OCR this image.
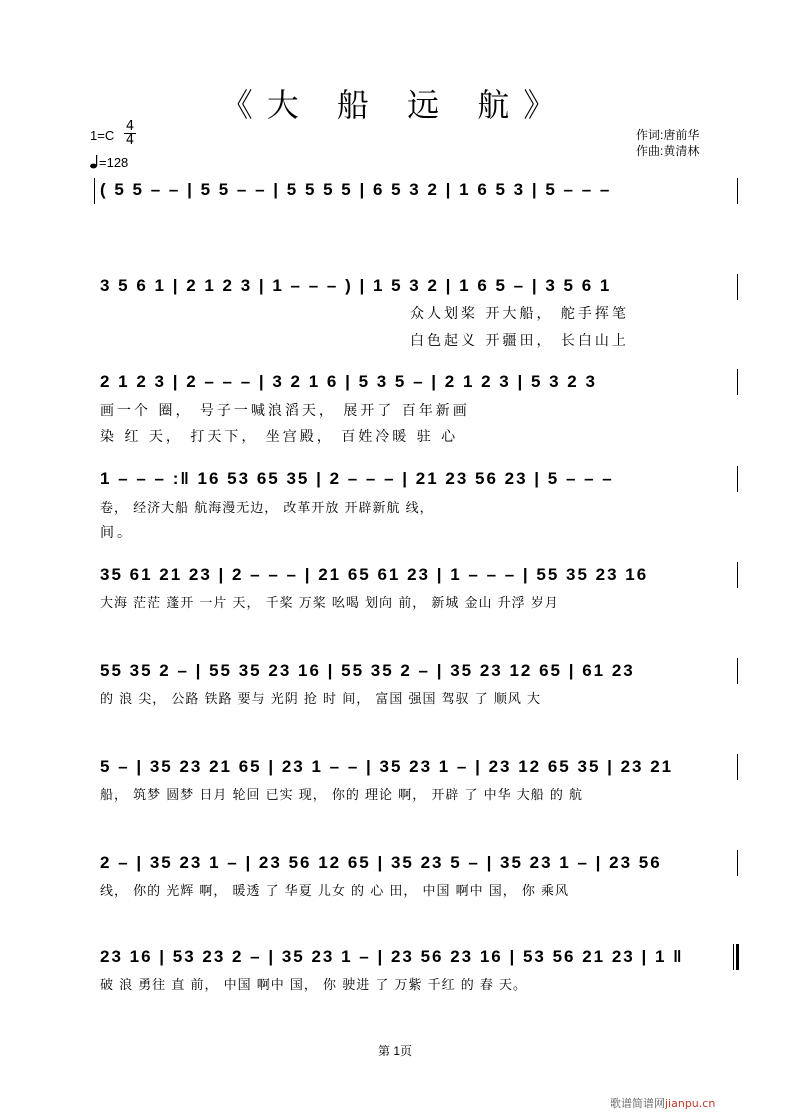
《大 船 远 航》
1=C
4
4
=128
作词:唐前华
作曲:黄清林
( 5 5 – – | 5 5 – – | 5 5 5 5 | 6 5 3 2 | 1 6 5 3 | 5 – – –
3 5 6 1 | 2 1 2 3 | 1 – – – ) | 1 5 3 2 | 1 6 5 – | 3 5 6 1
众人划桨 开大船， 舵手挥笔
白色起义 开疆田， 长白山上
2 1 2 3 | 2 – – – | 3 2 1 6 | 5 3 5 – | 2 1 2 3 | 5 3 2 3
画一个 圈， 号子一喊浪滔天， 展开了 百年新画
染 红 天， 打天下， 坐宫殿， 百姓冷暖 驻 心
1 – – – :‖ 16 53 65 35 | 2 – – – | 21 23 56 23 | 5 – – –
卷， 经济大船 航海漫无边， 改革开放 开辟新航 线，
间。
35 61 21 23 | 2 – – – | 21 65 61 23 | 1 – – – | 55 35 23 16
大海 茫茫 蓬开 一片 天， 千桨 万桨 吆喝 划向 前， 新城 金山 升浮 岁月
55 35 2 – | 55 35 23 16 | 55 35 2 – | 35 23 12 65 | 61 23
的 浪 尖， 公路 铁路 要与 光阴 抢 时 间， 富国 强国 驾驭 了 顺风 大
5 – | 35 23 21 65 | 23 1 – – | 35 23 1 – | 23 12 65 35 | 23 21
船， 筑梦 圆梦 日月 轮回 已实 现， 你的 理论 啊， 开辟 了 中华 大船 的 航
2 – | 35 23 1 – | 23 56 12 65 | 35 23 5 – | 35 23 1 – | 23 56
线， 你的 光辉 啊， 暖透 了 华夏 儿女 的 心 田， 中国 啊中 国， 你 乘风
23 16 | 53 23 2 – | 35 23 1 – | 23 56 23 16 | 53 56 21 23 | 1 ‖
破 浪 勇往 直 前， 中国 啊中 国， 你 驶进 了 万紫 千红 的 春 天。
第 1页
歌谱简谱网jianpu.cn
